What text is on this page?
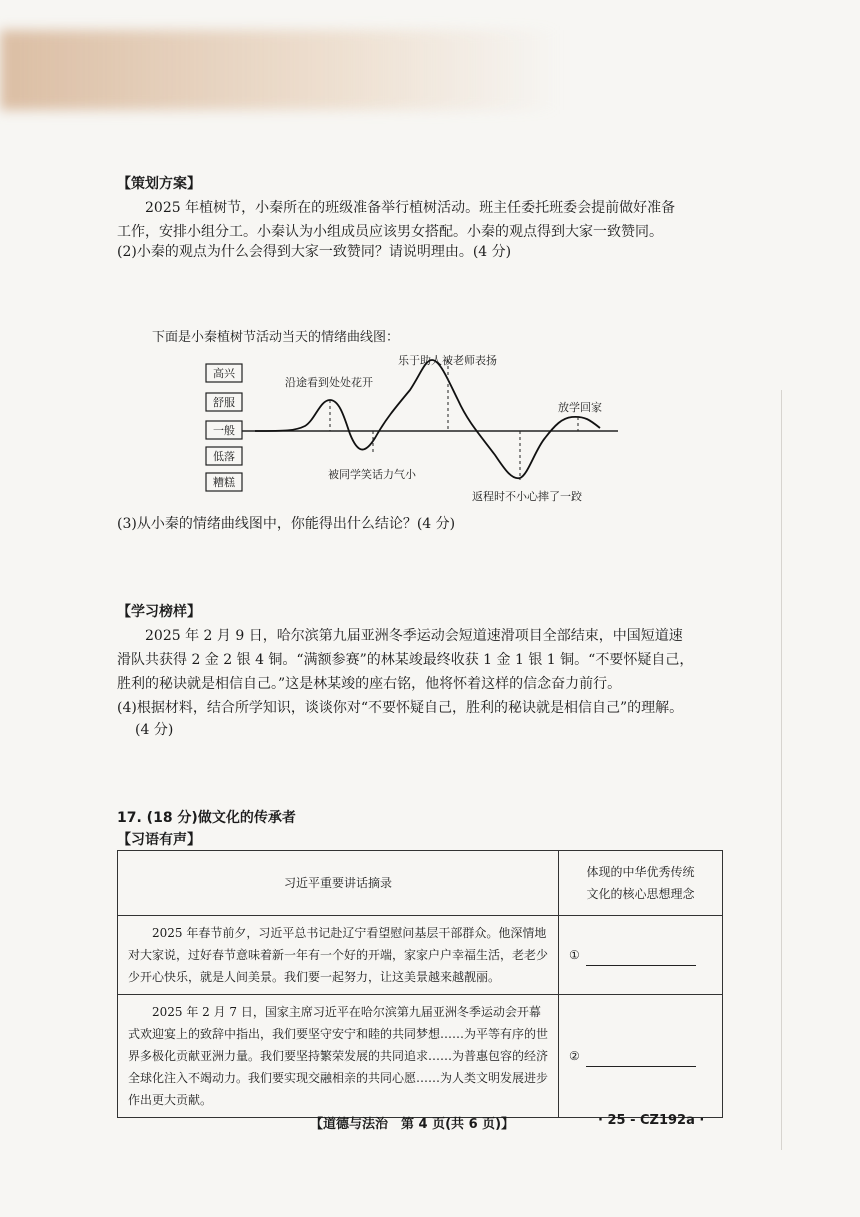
【策划方案】
2025 年植树节，小秦所在的班级准备举行植树活动。班主任委托班委会提前做好准备
工作，安排小组分工。小秦认为小组成员应该男女搭配。小秦的观点得到大家一致赞同。
(2)小秦的观点为什么会得到大家一致赞同？请说明理由。(4 分)
下面是小秦植树节活动当天的情绪曲线图：
高兴
舒服
一般
低落
糟糕
沿途看到处处花开
被同学笑话力气小
乐于助人被老师表扬
返程时不小心摔了一跤
放学回家
(3)从小秦的情绪曲线图中，你能得出什么结论？(4 分)
【学习榜样】
2025 年 2 月 9 日，哈尔滨第九届亚洲冬季运动会短道速滑项目全部结束，中国短道速
滑队共获得 2 金 2 银 4 铜。“满额参赛”的林某竣最终收获 1 金 1 银 1 铜。“不要怀疑自己，
胜利的秘诀就是相信自己。”这是林某竣的座右铭，他将怀着这样的信念奋力前行。
(4)根据材料，结合所学知识，谈谈你对“不要怀疑自己，胜利的秘诀就是相信自己”的理解。
(4 分)
17. (18 分)做文化的传承者
【习语有声】
习近平重要讲话摘录	体现的中华优秀传统
文化的核心思想理念
2025 年春节前夕，习近平总书记赴辽宁看望慰问基层干部群众。他深情地对大家说，过好春节意味着新一年有一个好的开端，家家户户幸福生活，老老少少开心快乐，就是人间美景。我们要一起努力，让这美景越来越靓丽。	①
2025 年 2 月 7 日，国家主席习近平在哈尔滨第九届亚洲冬季运动会开幕式欢迎宴上的致辞中指出，我们要坚守安宁和睦的共同梦想……为平等有序的世界多极化贡献亚洲力量。我们要坚持繁荣发展的共同追求……为普惠包容的经济全球化注入不竭动力。我们要实现交融相亲的共同心愿……为人类文明发展进步作出更大贡献。	②
【道德与法治　第 4 页(共 6 页)】	· 25 - CZ192a ·
